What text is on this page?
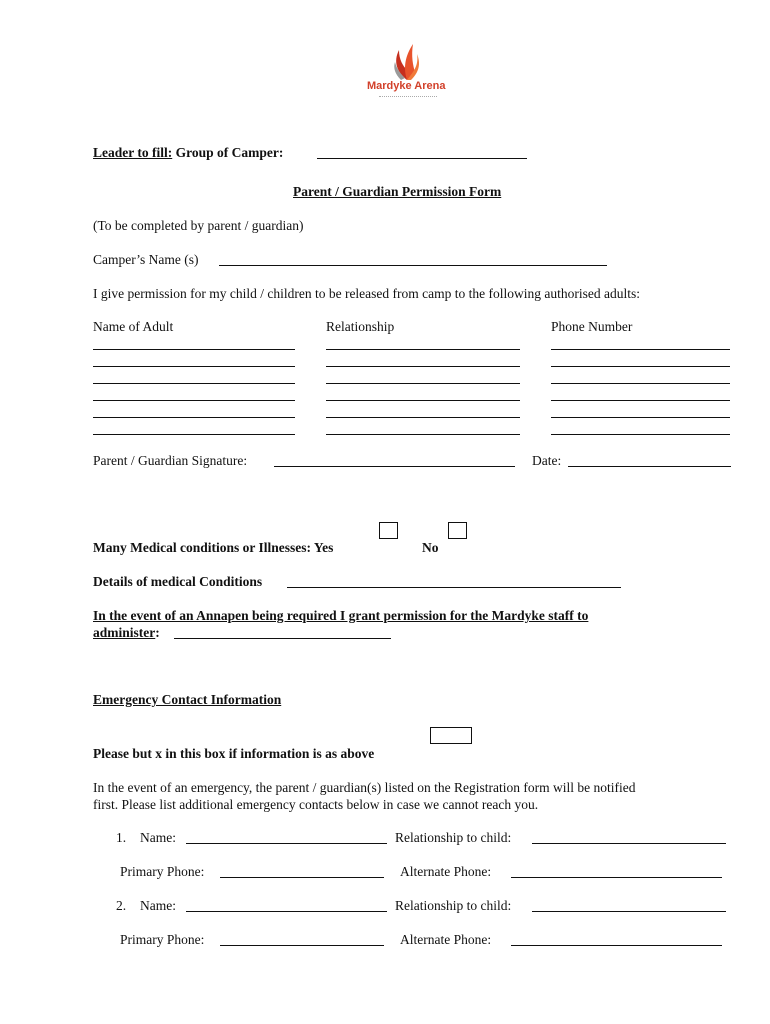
Mardyke Arena
Leader to fill: Group of Camper:
Parent / Guardian Permission Form
(To be completed by parent / guardian)
Camper’s Name (s)
I give permission for my child / children to be released from camp to the following authorised adults:
Name of Adult	Relationship	Phone Number
Parent / Guardian Signature:	Date:
Many Medical conditions or Illnesses: Yes	No
Details of medical Conditions
In the event of an Annapen being required I grant permission for the Mardyke staff to
administer:
Emergency Contact Information
Please but x in this box if information is as above
In the event of an emergency, the parent / guardian(s) listed on the Registration form will be notified
first. Please list additional emergency contacts below in case we cannot reach you.
1. Name:	Relationship to child:
Primary Phone:	Alternate Phone:
2. Name:	Relationship to child:
Primary Phone:	Alternate Phone:
